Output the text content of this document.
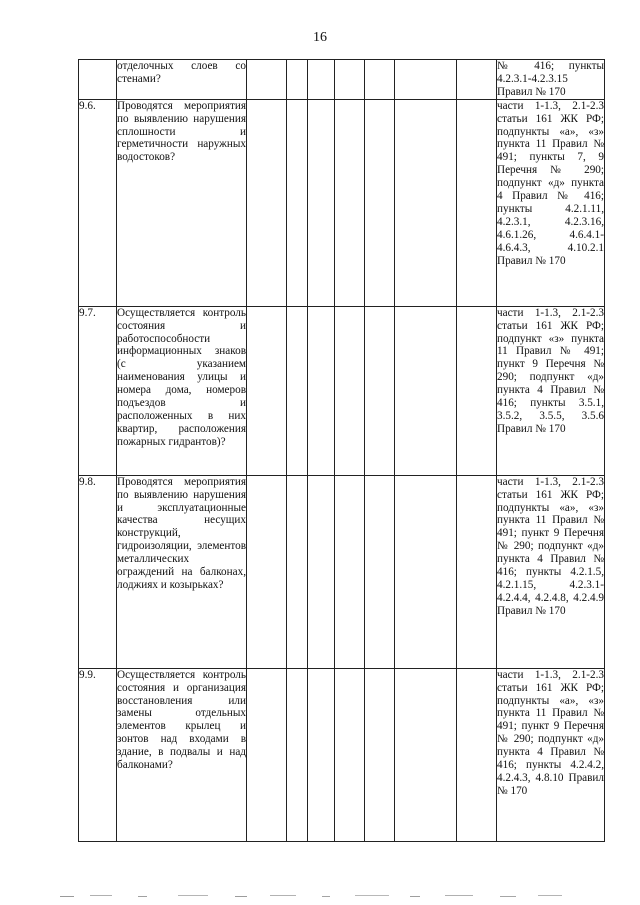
16
	отделочных слоев со стенами?								№ 416; пункты 4.2.3.1-4.2.3.15 Правил № 170
9.6.	Проводятся мероприятия по выявлению нарушения сплошности и герметичности наружных водостоков?								части 1-1.3, 2.1-2.3 статьи 161 ЖК РФ; подпункты «а», «з» пункта 11 Правил № 491; пункты 7, 9 Перечня № 290; подпункт «д» пункта 4 Правил № 416; пункты 4.2.1.11, 4.2.3.1, 4.2.3.16, 4.6.1.26, 4.6.4.1-4.6.4.3, 4.10.2.1 Правил № 170
9.7.	Осуществляется контроль состояния и работоспособности информационных знаков (с указанием наименования улицы и номера дома, номеров подъездов и расположенных в них квартир, расположения пожарных гидрантов)?								части 1-1.3, 2.1-2.3 статьи 161 ЖК РФ; подпункт «з» пункта 11 Правил № 491; пункт 9 Перечня № 290; подпункт «д» пункта 4 Правил № 416; пункты 3.5.1, 3.5.2, 3.5.5, 3.5.6 Правил № 170
9.8.	Проводятся мероприятия по выявлению нарушения и эксплуатационные качества несущих конструкций, гидроизоляции, элементов металлических ограждений на балконах, лоджиях и козырьках?								части 1-1.3, 2.1-2.3 статьи 161 ЖК РФ; подпункты «а», «з» пункта 11 Правил № 491; пункт 9 Перечня № 290; подпункт «д» пункта 4 Правил № 416; пункты 4.2.1.5, 4.2.1.15, 4.2.3.1-4.2.4.4, 4.2.4.8, 4.2.4.9 Правил № 170
9.9.	Осуществляется контроль состояния и организация восстановления или замены отдельных элементов крылец и зонтов над входами в здание, в подвалы и над балконами?								части 1-1.3, 2.1-2.3 статьи 161 ЖК РФ; подпункты «а», «з» пункта 11 Правил № 491; пункт 9 Перечня № 290; подпункт «д» пункта 4 Правил № 416; пункты 4.2.4.2, 4.2.4.3, 4.8.10 Правил № 170
